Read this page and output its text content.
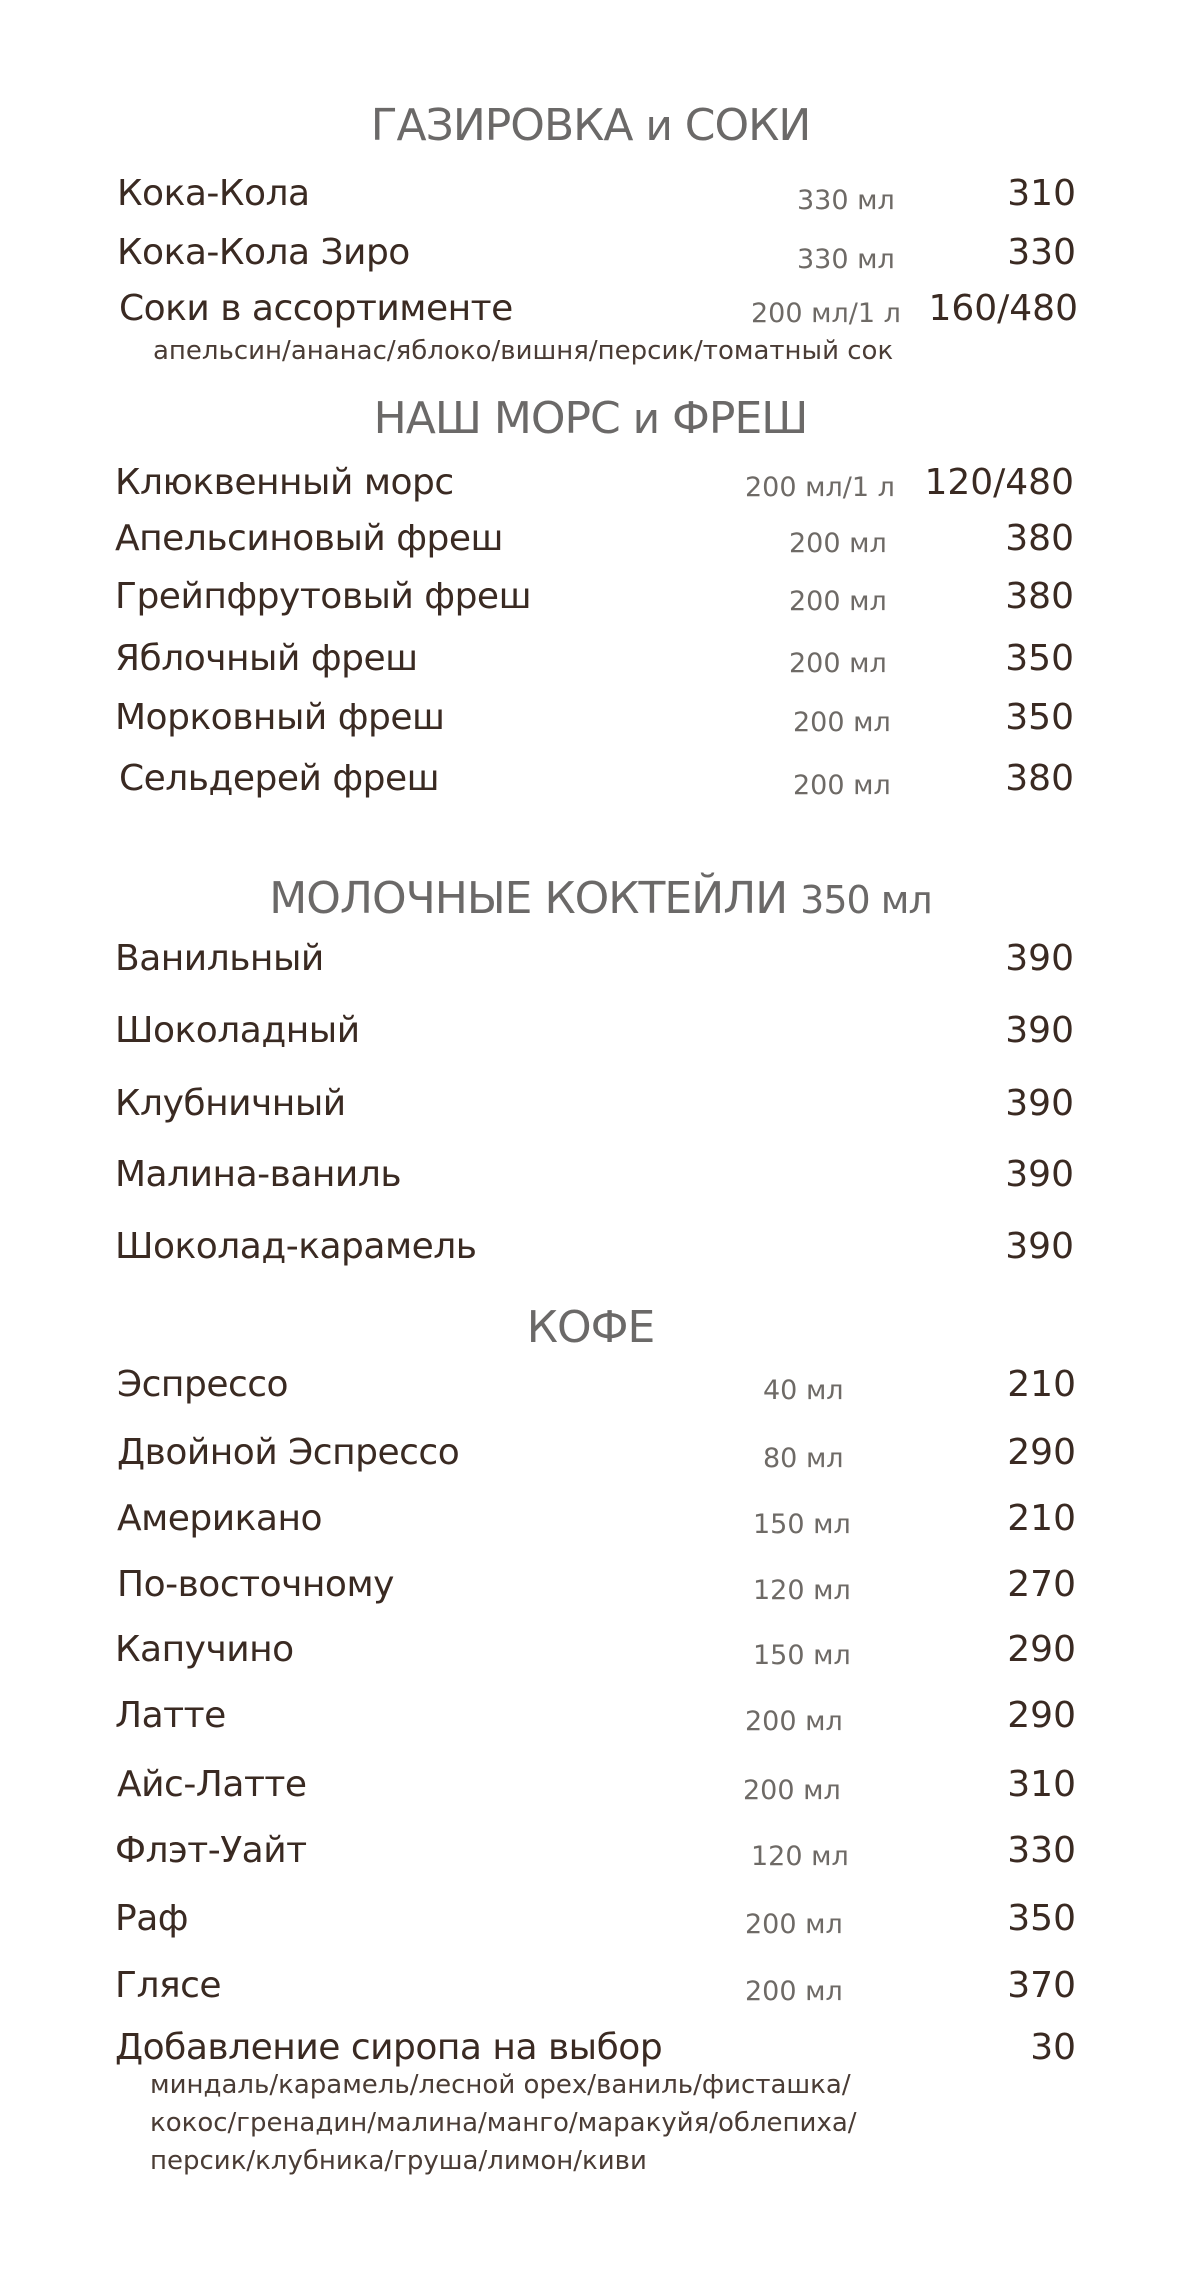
ГАЗИРОВКА и СОКИ
Кока-Кола	330 мл	310
Кока-Кола Зиро	330 мл	330
Соки в ассортименте	200 мл/1 л 160/480
апельсин/ананас/яблоко/вишня/персик/томатный сок
НАШ МОРС и ФРЕШ
Клюквенный морс	200 мл/1 л 120/480
Апельсиновый фреш	200 мл	380
Грейпфрутовый фреш	200 мл	380
Яблочный фреш	200 мл	350
Морковный фреш	200 мл	350
Сельдерей фреш	200 мл	380
МОЛОЧНЫЕ КОКТЕЙЛИ 350 мл
Ванильный	390
Шоколадный	390
Клубничный	390
Малина-ваниль	390
Шоколад-карамель	390
КОФЕ
Эспрессо	40 мл	210
Двойной Эспрессо	80 мл	290
Американо	150 мл	210
По-восточному	120 мл	270
Капучино	150 мл	290
Латте	200 мл	290
Айс-Латте	200 мл	310
Флэт-Уайт	120 мл	330
Раф	200 мл	350
Глясе	200 мл	370
Добавление сиропа на выбор	30
миндаль/карамель/лесной орех/ваниль/фисташка/
кокос/гренадин/малина/манго/маракуйя/облепиха/
персик/клубника/груша/лимон/киви
